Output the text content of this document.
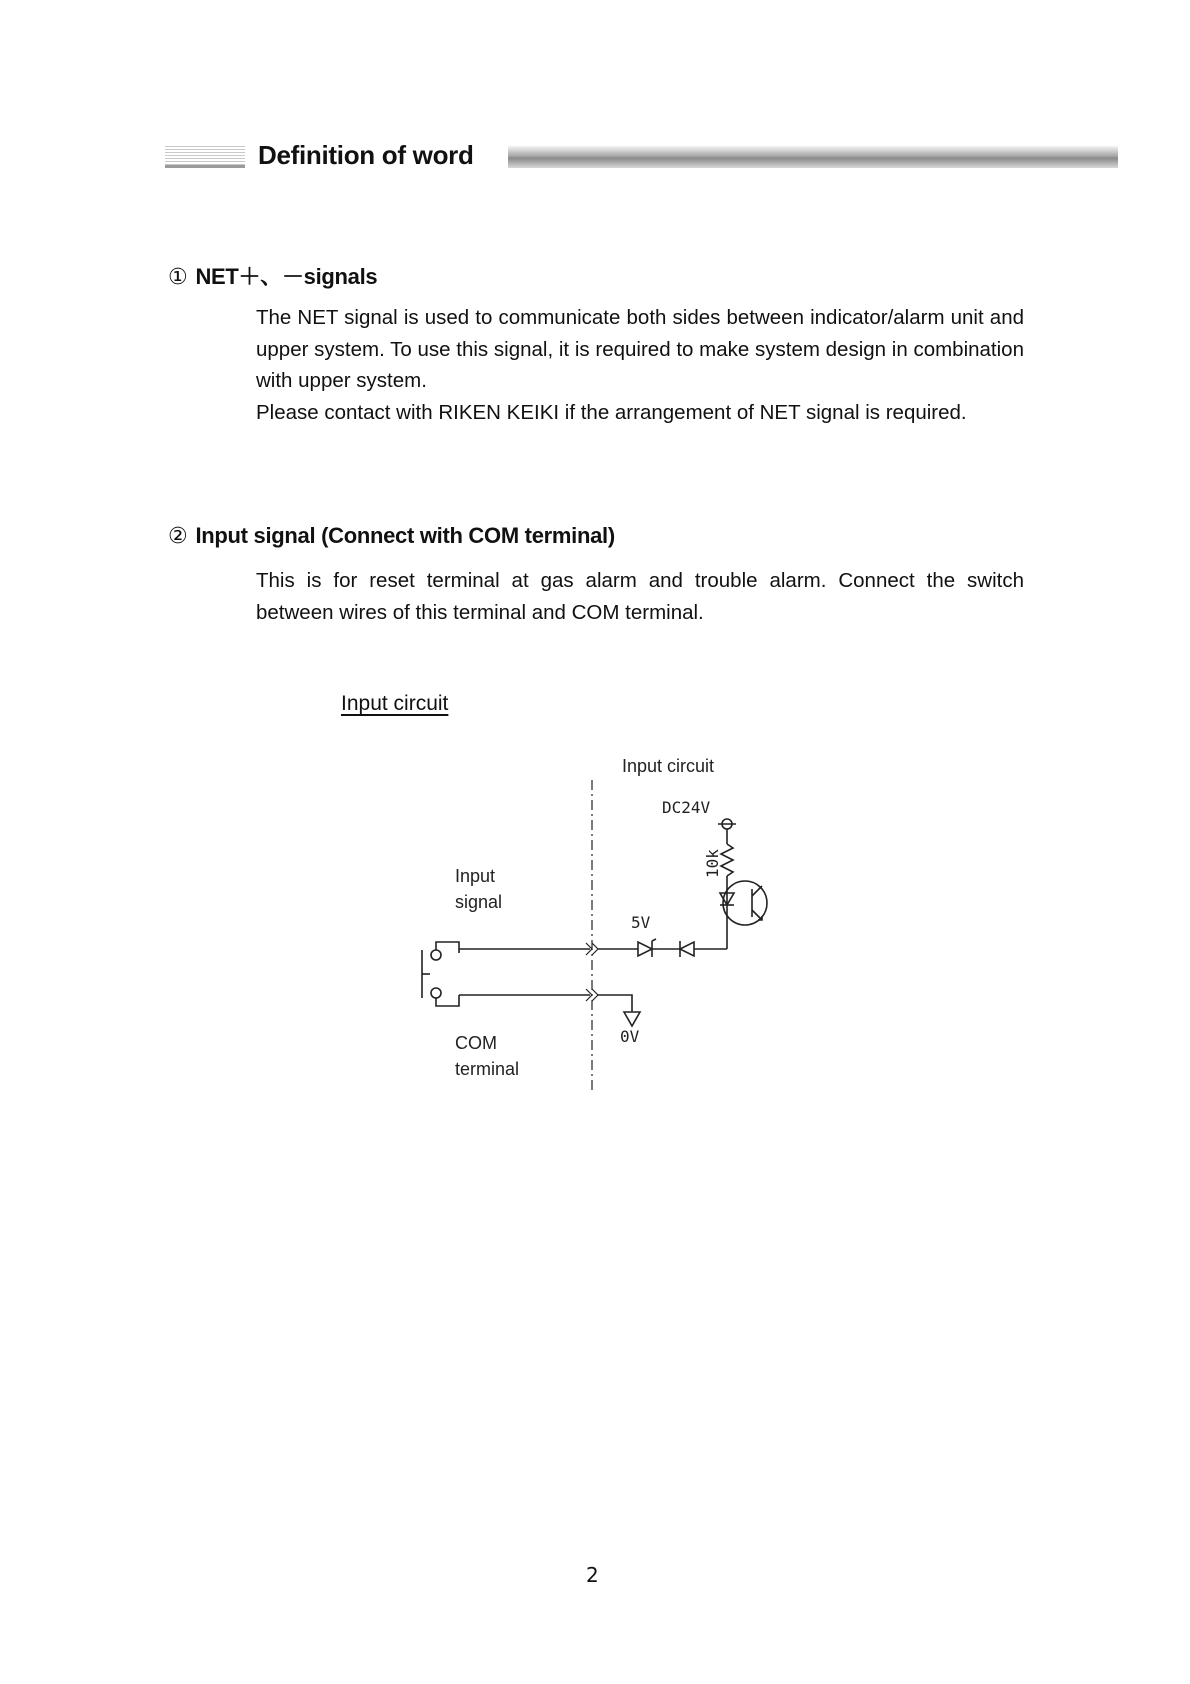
Definition of word
① NET＋、－signals

The NET signal is used to communicate both sides between indicator/alarm unit and upper system. To use this signal, it is required to make system design in combination with upper system.

Please contact with RIKEN KEIKI if the arrangement of NET signal is required.

② Input signal (Connect with COM terminal)

This is for reset terminal at gas alarm and trouble alarm. Connect the switch between wires of this terminal and COM terminal.

Input circuit
Input circuit
DC24V
10k
Input
signal
5V
COM
terminal
0V
2
